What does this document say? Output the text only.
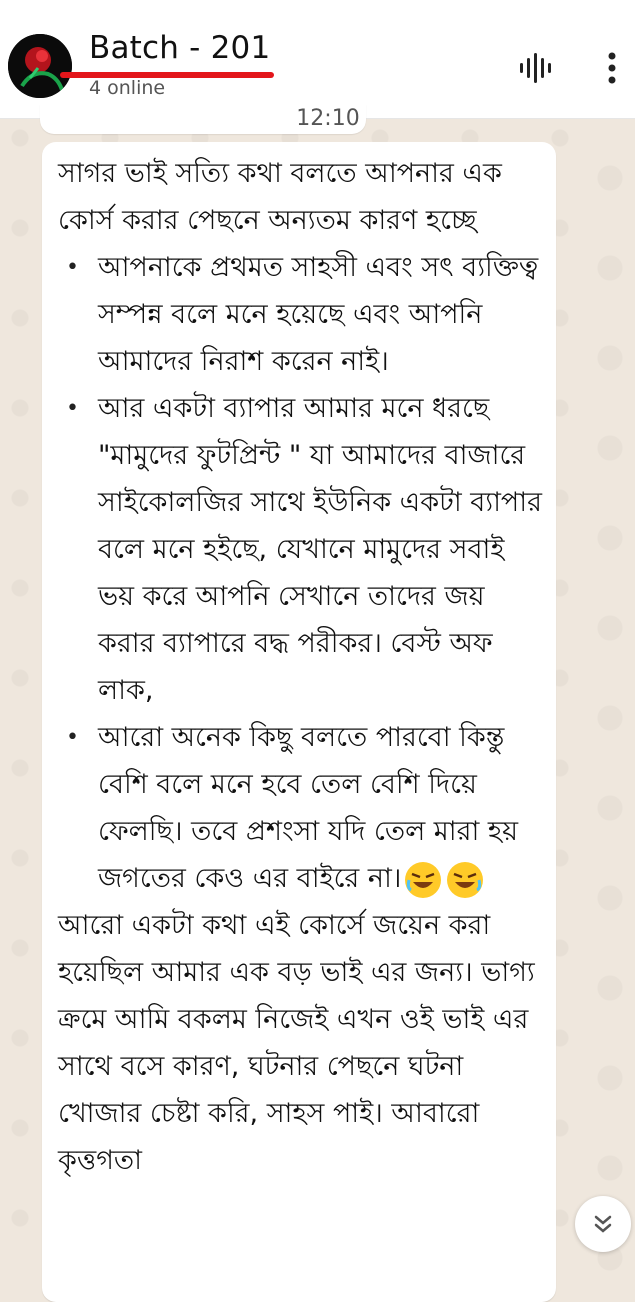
Batch - 201
4 online
12:10

সাগর ভাই সত্যি কথা বলতে আপনার এক কোর্স করার পেছনে অন্যতম কারণ হচ্ছে

• আপনাকে প্রথমত সাহসী এবং সৎ ব্যক্তিত্ব সম্পন্ন বলে মনে হয়েছে এবং আপনি আমাদের নিরাশ করেন নাই।
• আর একটা ব্যাপার আমার মনে ধরছে "মামুদের ফুটপ্রিন্ট " যা আমাদের বাজারে সাইকোলজির সাথে ইউনিক একটা ব্যাপার বলে মনে হইছে, যেখানে মামুদের সবাই ভয় করে আপনি সেখানে তাদের জয় করার ব্যাপারে বদ্ধ পরীকর। বেস্ট অফ লাক,
• আরো অনেক কিছু বলতে পারবো কিন্তু বেশি বলে মনে হবে তেল বেশি দিয়ে ফেলছি। তবে প্রশংসা যদি তেল মারা হয় জগতের কেও এর বাইরে না।

আরো একটা কথা এই কোর্সে জয়েন করা হয়েছিল আমার এক বড় ভাই এর জন্য। ভাগ্য ক্রমে আমি বকলম নিজেই এখন ওই ভাই এর সাথে বসে কারণ, ঘটনার পেছনে ঘটনা খোজার চেষ্টা করি, সাহস পাই। আবারো কৃত্তগতা
